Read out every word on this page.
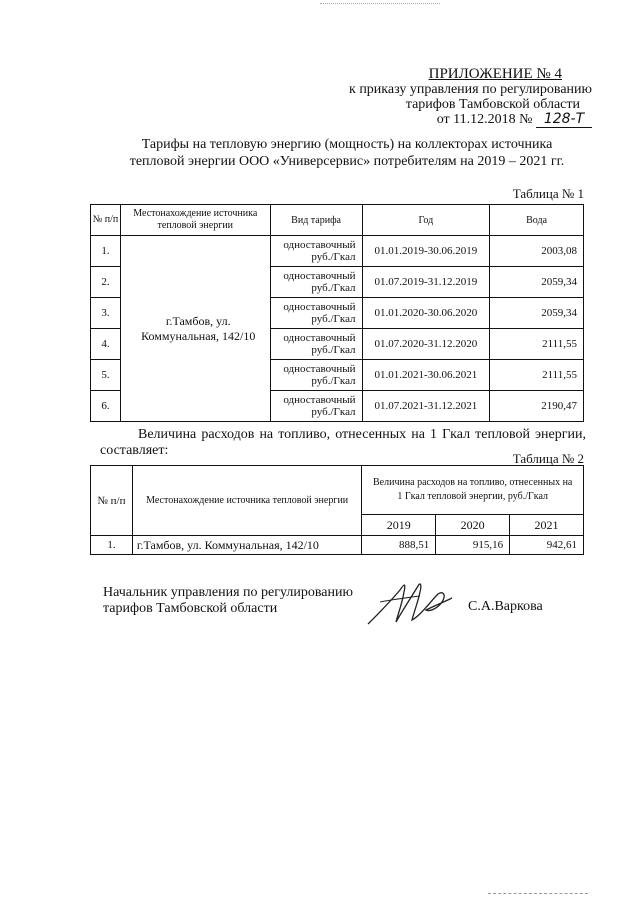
ПРИЛОЖЕНИЕ № 4
к приказу управления по регулированию
тарифов Тамбовской области
от 11.12.2018 № 128-Т
Тарифы на тепловую энергию (мощность) на коллекторах источника
тепловой энергии ООО «Универсервис» потребителям на 2019 – 2021 гг.
Таблица № 1
№ п/п	Местонахождение источника тепловой энергии	Вид тарифа	Год	Вода
1.	г.Тамбов, ул. Коммунальная, 142/10	одноставочный руб./Гкал	01.01.2019-30.06.2019	2003,08
2.		одноставочный руб./Гкал	01.07.2019-31.12.2019	2059,34
3.		одноставочный руб./Гкал	01.01.2020-30.06.2020	2059,34
4.		одноставочный руб./Гкал	01.07.2020-31.12.2020	2111,55
5.		одноставочный руб./Гкал	01.01.2021-30.06.2021	2111,55
6.		одноставочный руб./Гкал	01.07.2021-31.12.2021	2190,47
Величина расходов на топливо, отнесенных на 1 Гкал тепловой энергии, составляет:
Таблица № 2
№ п/п	Местонахождение источника тепловой энергии	Величина расходов на топливо, отнесенных на 1 Гкал тепловой энергии, руб./Гкал		
		2019	2020	2021
1.	г.Тамбов, ул. Коммунальная, 142/10	888,51	915,16	942,61
Начальник управления по регулированию
тарифов Тамбовской области	С.А.Варкова
